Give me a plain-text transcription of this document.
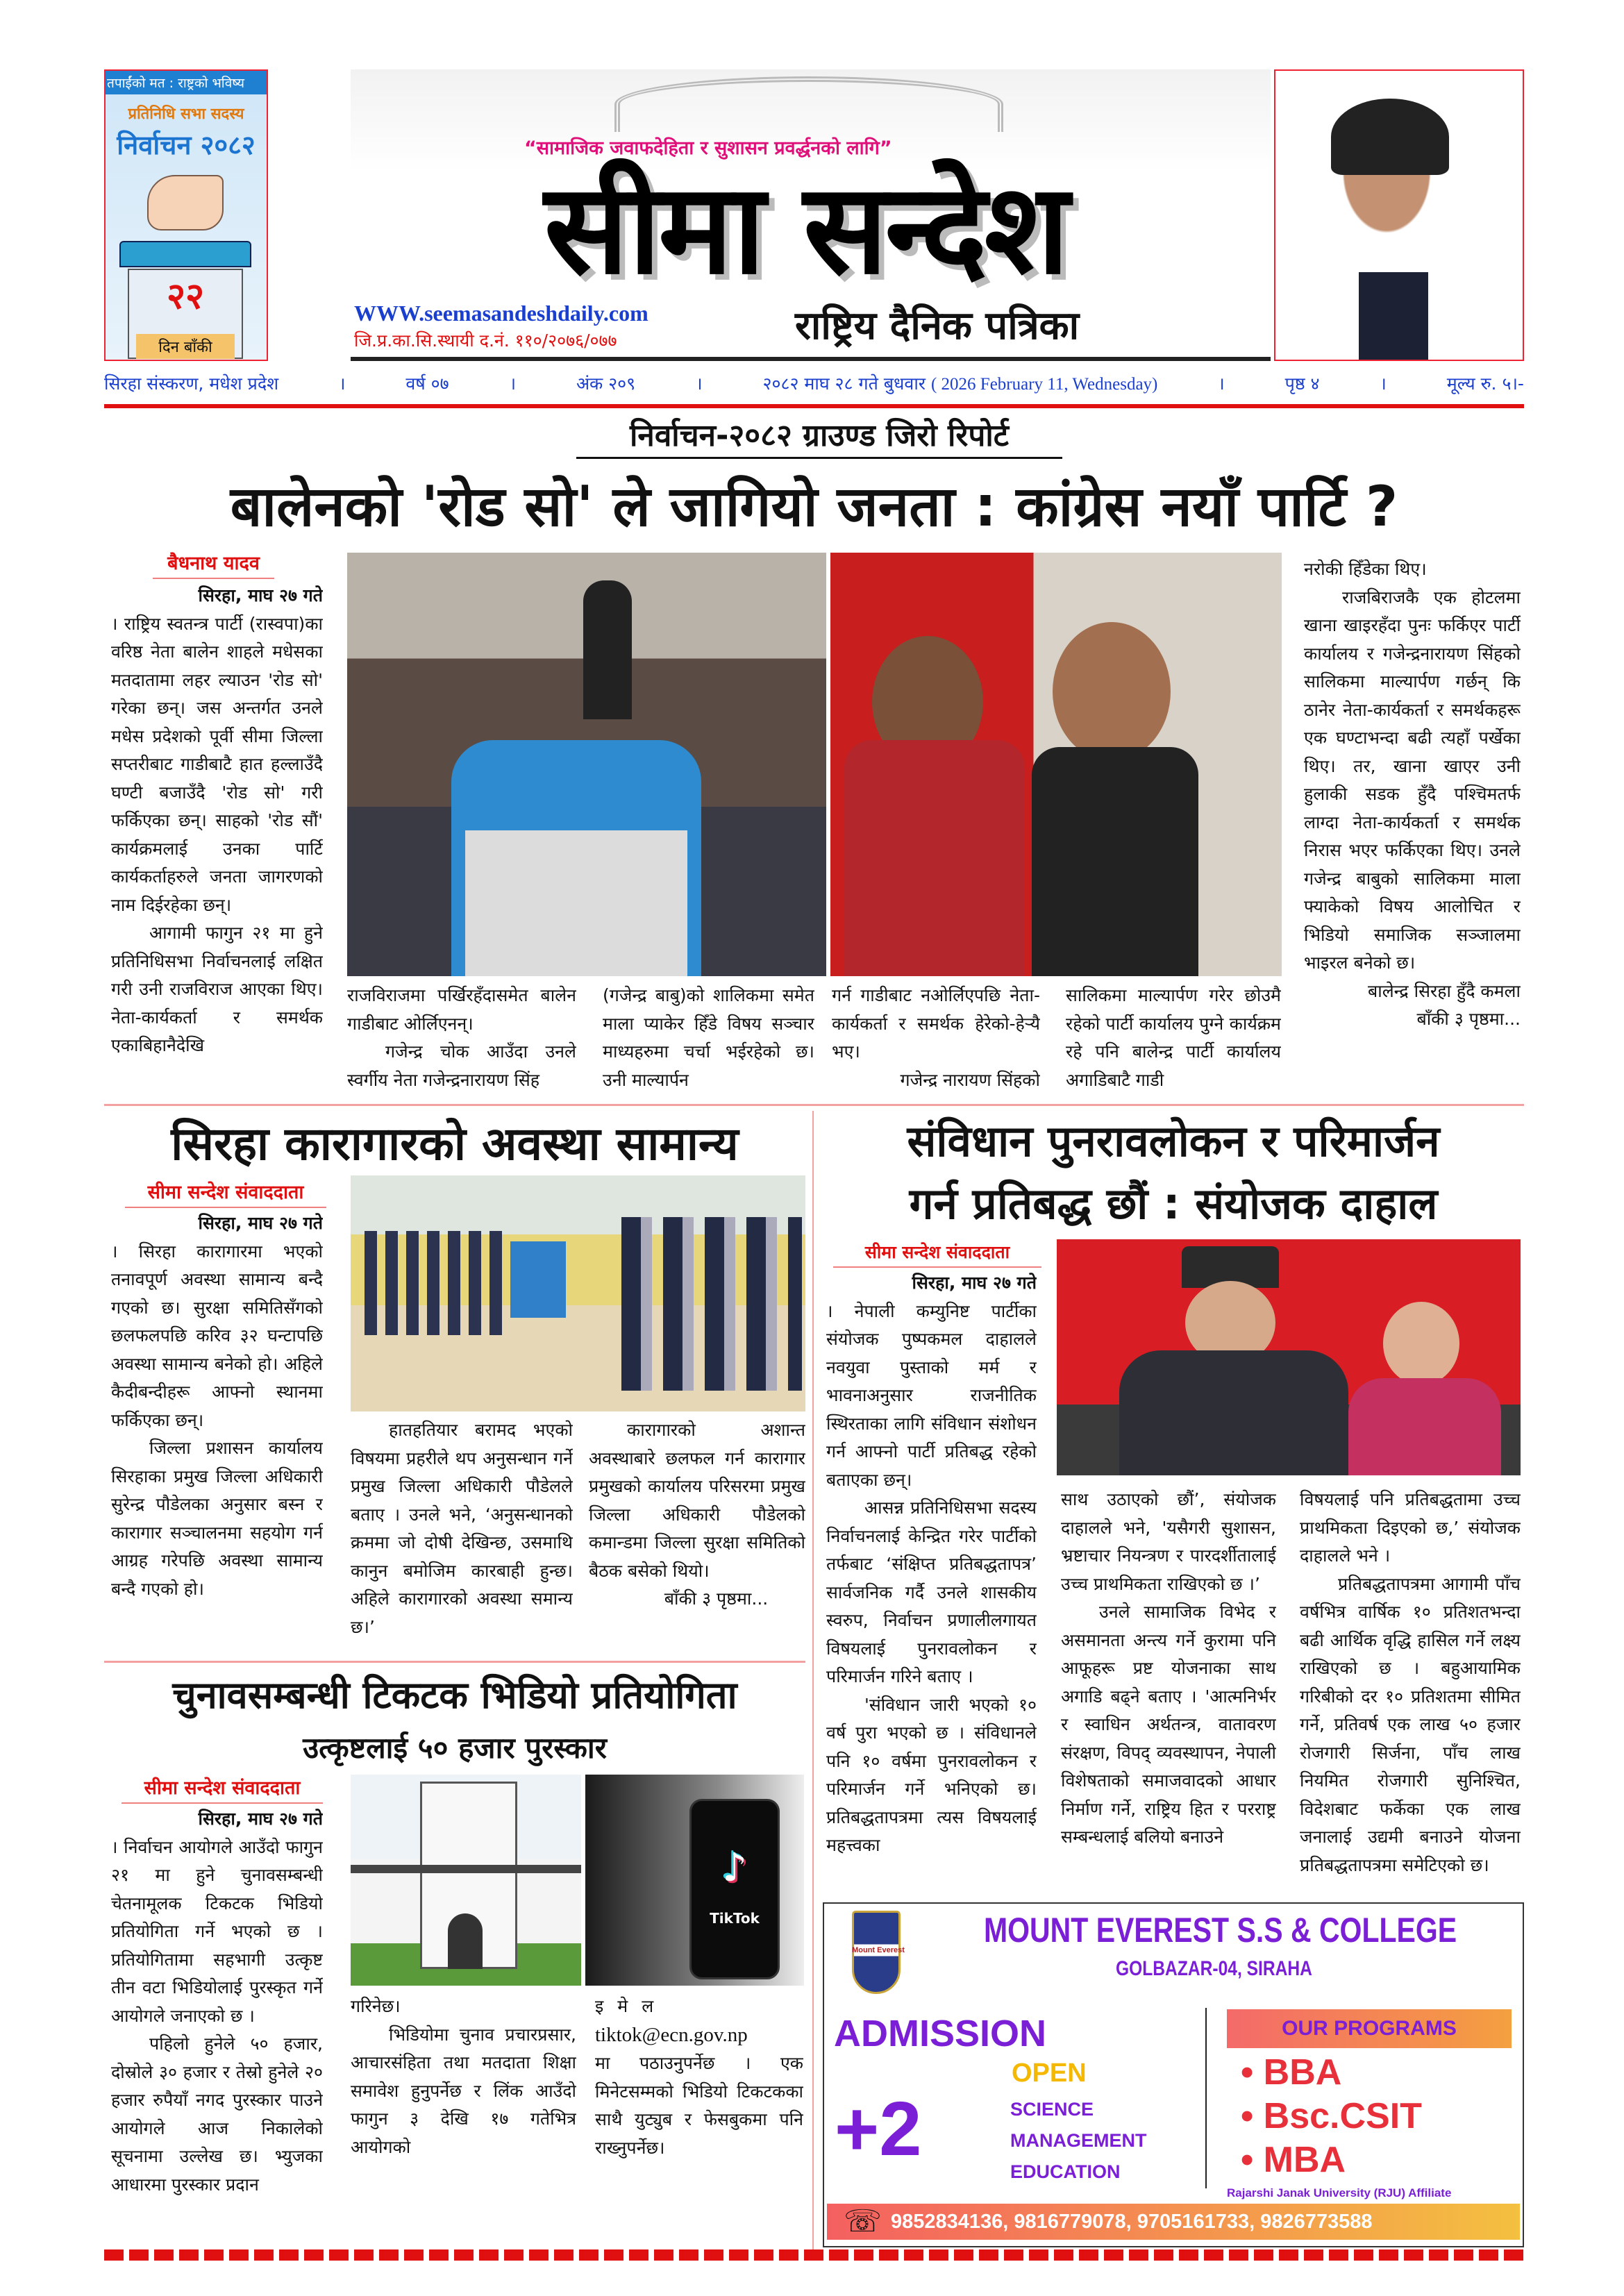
तपाईंको मत : राष्ट्रको भविष्य
प्रतिनिधि सभा सदस्य
निर्वाचन २०८२
२२
दिन बाँकी
“सामाजिक जवाफदेहिता र सुशासन प्रवर्द्धनको लागि”
सीमा सन्देश
WWW.seemasandeshdaily.com
जि.प्र.का.सि.स्थायी द.नं. ११०/२०७६/०७७	राष्ट्रिय दैनिक पत्रिका	पृष्ठ ३ मा...
सिरहा संस्करण, मधेश प्रदेश	।	वर्ष ०७	।	अंक २०९	।	२०८२ माघ २८ गते बुधवार ( 2026 February 11, Wednesday)	।	पृष्ठ ४	।	मूल्य रु. ५।-
निर्वाचन-२०८२ ग्राउण्ड जिरो रिपोर्ट
बालेनको 'रोड सो' ले जागियो जनता : कांग्रेस नयाँ पार्टि ?
बैधनाथ यादव

सिरहा, माघ २७ गते

। राष्ट्रिय स्वतन्त्र पार्टी (रास्वपा)का वरिष्ठ नेता बालेन शाहले मधेसका मतदातामा लहर ल्याउन 'रोड सो' गरेका छन्। जस अन्तर्गत उनले मधेस प्रदेशको पूर्वी सीमा जिल्ला सप्तरीबाट गाडीबाटै हात हल्लाउँदै घण्टी बजाउँदै 'रोड सो' गरी फर्किएका छन्। साहको 'रोड सौं' कार्यक्रमलाई उनका पार्टि कार्यकर्ताहरुले जनता जागरणको नाम दिईरहेका छन्।

आगामी फागुन २१ मा हुने प्रतिनिधिसभा निर्वाचनलाई लक्षित गरी उनी राजविराज आएका थिए। नेता-कार्यकर्ता र समर्थक एकाबिहानैदेखि

राजविराजमा पर्खिरहँदासमेत बालेन गाडीबाट ओर्लिएनन्।

गजेन्द्र चोक आउँदा उनले स्वर्गीय नेता गजेन्द्रनारायण सिंह

(गजेन्द्र बाबु)को शालिकमा समेत माला प्याकेर हिँडे विषय सञ्चार माध्यहरुमा चर्चा भईरहेको छ। उनी माल्यार्पन

गर्न गाडीबाट नओर्लिएपछि नेता-कार्यकर्ता र समर्थक हेरेको-हेर्‍यै भए।

गजेन्द्र नारायण सिंहको

सालिकमा माल्यार्पण गरेर छोउमै रहेको पार्टी कार्यालय पुग्ने कार्यक्रम रहे पनि बालेन्द्र पार्टी कार्यालय अगाडिबाटै गाडी

नरोकी हिँडेका थिए।

राजबिराजकै एक होटलमा खाना खाइरहँदा पुनः फर्किएर पार्टी कार्यालय र गजेन्द्रनारायण सिंहको सालिकमा माल्यार्पण गर्छन् कि ठानेर नेता-कार्यकर्ता र समर्थकहरू एक घण्टाभन्दा बढी त्यहाँ पर्खेका थिए। तर, खाना खाएर उनी हुलाकी सडक हुँदै पश्चिमतर्फ लाग्दा नेता-कार्यकर्ता र समर्थक निरास भएर फर्किएका थिए। उनले गजेन्द्र बाबुको सालिकमा माला फ्याकेको विषय आलोचित र भिडियो समाजिक सञ्जालमा भाइरल बनेको छ।

बालेन्द्र सिरहा हुँदै कमला

बाँकी ३ पृष्ठमा...

सिरहा कारागारको अवस्था सामान्य
सीमा सन्देश संवाददाता

सिरहा, माघ २७ गते

। सिरहा कारागारमा भएको तनावपूर्ण अवस्था सामान्य बन्दै गएको छ। सुरक्षा समितिसँगको छलफलपछि करिव ३२ घन्टापछि अवस्था सामान्य बनेको हो। अहिले कैदीबन्दीहरू आफ्नो स्थानमा फर्किएका छन्।

जिल्ला प्रशासन कार्यालय सिरहाका प्रमुख जिल्ला अधिकारी सुरेन्द्र पौडेलका अनुसार बस्न र कारागार सञ्चालनमा सहयोग गर्न आग्रह गरेपछि अवस्था सामान्य बन्दै गएको हो।

हातहतियार बरामद भएको विषयमा प्रहरीले थप अनुसन्धान गर्ने प्रमुख जिल्ला अधिकारी पौडेलले बताए । उनले भने, ‘अनुसन्धानको क्रममा जो दोषी देखिन्छ, उसमाथि कानुन बमोजिम कारबाही हुन्छ। अहिले कारागारको अवस्था समान्य छ।’

कारागारको अशान्त अवस्थाबारे छलफल गर्न कारागार प्रमुखको कार्यालय परिसरमा प्रमुख जिल्ला अधिकारी पौडेलको कमान्डमा जिल्ला सुरक्षा समितिको बैठक बसेको थियो।

बाँकी ३ पृष्ठमा...

संविधान पुनरावलोकन र परिमार्जन
गर्न प्रतिबद्ध छौं : संयोजक दाहाल
सीमा सन्देश संवाददाता

सिरहा, माघ २७ गते

। नेपाली कम्युनिष्ट पार्टीका संयोजक पुष्पकमल दाहालले नवयुवा पुस्ताको मर्म र भावनाअनुसार राजनीतिक स्थिरताका लागि संविधान संशोधन गर्न आफ्नो पार्टी प्रतिबद्ध रहेको बताएका छन्।

आसन्न प्रतिनिधिसभा सदस्य निर्वाचनलाई केन्द्रित गरेर पार्टीको तर्फबाट ‘संक्षिप्त प्रतिबद्धतापत्र’ सार्वजनिक गर्दै उनले शासकीय स्वरुप, निर्वाचन प्रणालीलगायत विषयलाई पुनरावलोकन र परिमार्जन गरिने बताए ।

'संविधान जारी भएको १० वर्ष पुरा भएको छ । संविधानले पनि १० वर्षमा पुनरावलोकन र परिमार्जन गर्ने भनिएको छ। प्रतिबद्धतापत्रमा त्यस विषयलाई महत्त्वका

साथ उठाएको छौं’, संयोजक दाहालले भने, 'यसैगरी सुशासन, भ्रष्टाचार नियन्त्रण र पारदर्शीतालाई उच्च प्राथमिकता राखिएको छ ।’

उनले सामाजिक विभेद र असमानता अन्त्य गर्ने कुरामा पनि आफूहरू प्रष्ट योजनाका साथ अगाडि बढ्ने बताए । 'आत्मनिर्भर र स्वाधिन अर्थतन्त्र, वातावरण संरक्षण, विपद् व्यवस्थापन, नेपाली विशेषताको समाजवादको आधार निर्माण गर्ने, राष्ट्रिय हित र परराष्ट्र सम्बन्धलाई बलियो बनाउने

विषयलाई पनि प्रतिबद्धतामा उच्च प्राथमिकता दिइएको छ,’ संयोजक दाहालले भने ।

प्रतिबद्धतापत्रमा आगामी पाँच वर्षभित्र वार्षिक १० प्रतिशतभन्दा बढी आर्थिक वृद्धि हासिल गर्ने लक्ष्य राखिएको छ । बहुआयामिक गरिबीको दर १० प्रतिशतमा सीमित गर्ने, प्रतिवर्ष एक लाख ५० हजार रोजगारी सिर्जना, पाँच लाख नियमित रोजगारी सुनिश्चित, विदेशबाट फर्केका एक लाख जनालाई उद्यमी बनाउने योजना प्रतिबद्धतापत्रमा समेटिएको छ।

चुनावसम्बन्धी टिकटक भिडियो प्रतियोगिता
उत्कृष्टलाई ५० हजार पुरस्कार
सीमा सन्देश संवाददाता

सिरहा, माघ २७ गते

। निर्वाचन आयोगले आउँदो फागुन २१ मा हुने चुनावसम्बन्धी चेतनामूलक टिकटक भिडियो प्रतियोगिता गर्ने भएको छ । प्रतियोगितामा सहभागी उत्कृष्ट तीन वटा भिडियोलाई पुरस्कृत गर्ने आयोगले जनाएको छ ।

पहिलो हुनेले ५० हजार, दोस्रोले ३० हजार र तेस्रो हुनेले २० हजार रुपैयाँ नगद पुरस्कार पाउने आयोगले आज निकालेको सूचनामा उल्लेख छ। भ्युजका आधारमा पुरस्कार प्रदान

♪
TikTok

गरिनेछ।

भिडियोमा चुनाव प्रचारप्रसार, आचारसंहिता तथा मतदाता शिक्षा समावेश हुनुपर्नेछ र लिंक आउँदो फागुन ३ देखि १७ गतेभित्र आयोगको

इमेल

tiktok@ecn.gov.np

मा पठाउनुपर्नेछ । एक मिनेटसम्मको भिडियो टिकटकका साथै युट्युब र फेसबुकमा पनि राख्नुपर्नेछ।

Mount Everest
MOUNT EVEREST S.S & COLLEGE
GOLBAZAR-04, SIRAHA
ADMISSION
OPEN
+2	SCIENCE
MANAGEMENT
EDUCATION
OUR PROGRAMS
• BBA
• Bsc.CSIT
• MBA
Rajarshi Janak University (RJU) Affiliate
☏ 9852834136, 9816779078, 9705161733, 9826773588
